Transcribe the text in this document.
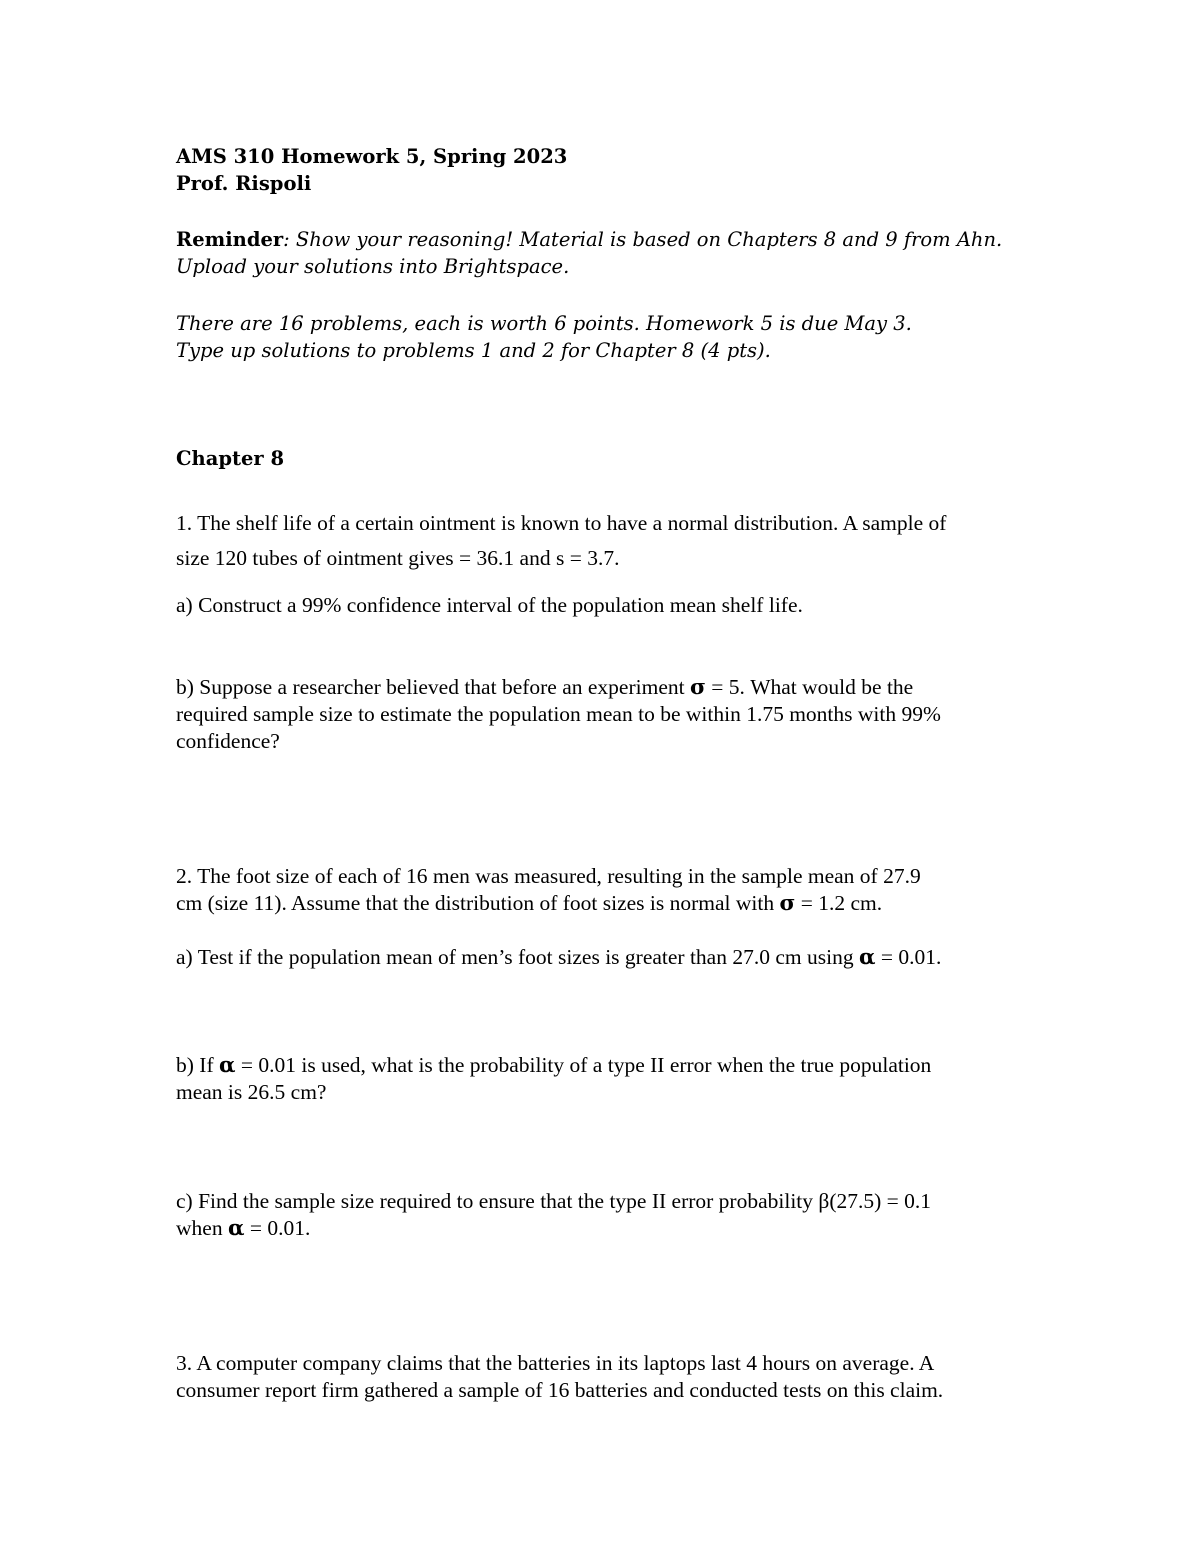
AMS 310 Homework 5, Spring 2023
Prof. Rispoli
Reminder: Show your reasoning! Material is based on Chapters 8 and 9 from Ahn.
Upload your solutions into Brightspace.
There are 16 problems, each is worth 6 points. Homework 5 is due May 3.
Type up solutions to problems 1 and 2 for Chapter 8 (4 pts).
Chapter 8
1. The shelf life of a certain ointment is known to have a normal distribution. A sample of
size 120 tubes of ointment gives = 36.1 and s = 3.7.
a) Construct a 99% confidence interval of the population mean shelf life.
b) Suppose a researcher believed that before an experiment σ = 5. What would be the
required sample size to estimate the population mean to be within 1.75 months with 99%
confidence?
2. The foot size of each of 16 men was measured, resulting in the sample mean of 27.9
cm (size 11). Assume that the distribution of foot sizes is normal with σ = 1.2 cm.
a) Test if the population mean of men’s foot sizes is greater than 27.0 cm using α = 0.01.
b) If α = 0.01 is used, what is the probability of a type II error when the true population
mean is 26.5 cm?
c) Find the sample size required to ensure that the type II error probability β(27.5) = 0.1
when α = 0.01.
3. A computer company claims that the batteries in its laptops last 4 hours on average. A
consumer report firm gathered a sample of 16 batteries and conducted tests on this claim.
